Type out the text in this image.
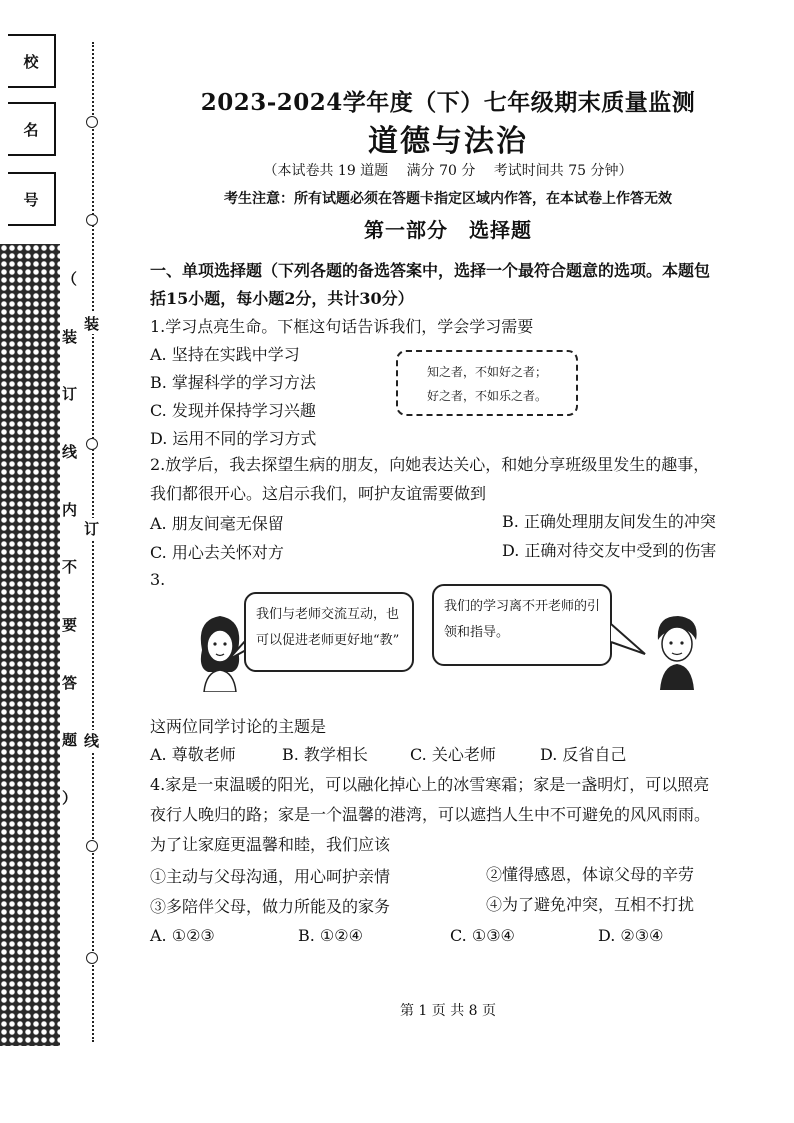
校
名
号
（
装
订
线
内
不
要
答
题
）
装
订
线
2023-2024学年度（下）七年级期末质量监测
道德与法治
（本试卷共 19 道题　 满分 70 分　 考试时间共 75 分钟）
考生注意：所有试题必须在答题卡指定区域内作答，在本试卷上作答无效
第一部分　选择题
一、单项选择题（下列各题的备选答案中，选择一个最符合题意的选项。本题包
括15小题，每小题2分，共计30分）
1.学习点亮生命。下框这句话告诉我们，学会学习需要
A. 坚持在实践中学习
B. 掌握科学的学习方法
C. 发现并保持学习兴趣
D. 运用不同的学习方式
知之者，不如好之者；
好之者，不如乐之者。
2.放学后，我去探望生病的朋友，向她表达关心，和她分享班级里发生的趣事，
我们都很开心。这启示我们，呵护友谊需要做到
A. 朋友间毫无保留	B. 正确处理朋友间发生的冲突
C. 用心去关怀对方	D. 正确对待交友中受到的伤害
3.
我们与老师交流互动，也可以促进老师更好地“教”
我们的学习离不开老师的引领和指导。
这两位同学讨论的主题是
A. 尊敬老师	B. 教学相长	C. 关心老师	D. 反省自己
4.家是一束温暖的阳光，可以融化掉心上的冰雪寒霜；家是一盏明灯，可以照亮
夜行人晚归的路；家是一个温馨的港湾，可以遮挡人生中不可避免的风风雨雨。
为了让家庭更温馨和睦，我们应该
①主动与父母沟通，用心呵护亲情	②懂得感恩，体谅父母的辛劳
③多陪伴父母，做力所能及的家务	④为了避免冲突，互相不打扰
A. ①②③	B. ①②④	C. ①③④	D. ②③④
第 1 页 共 8 页
